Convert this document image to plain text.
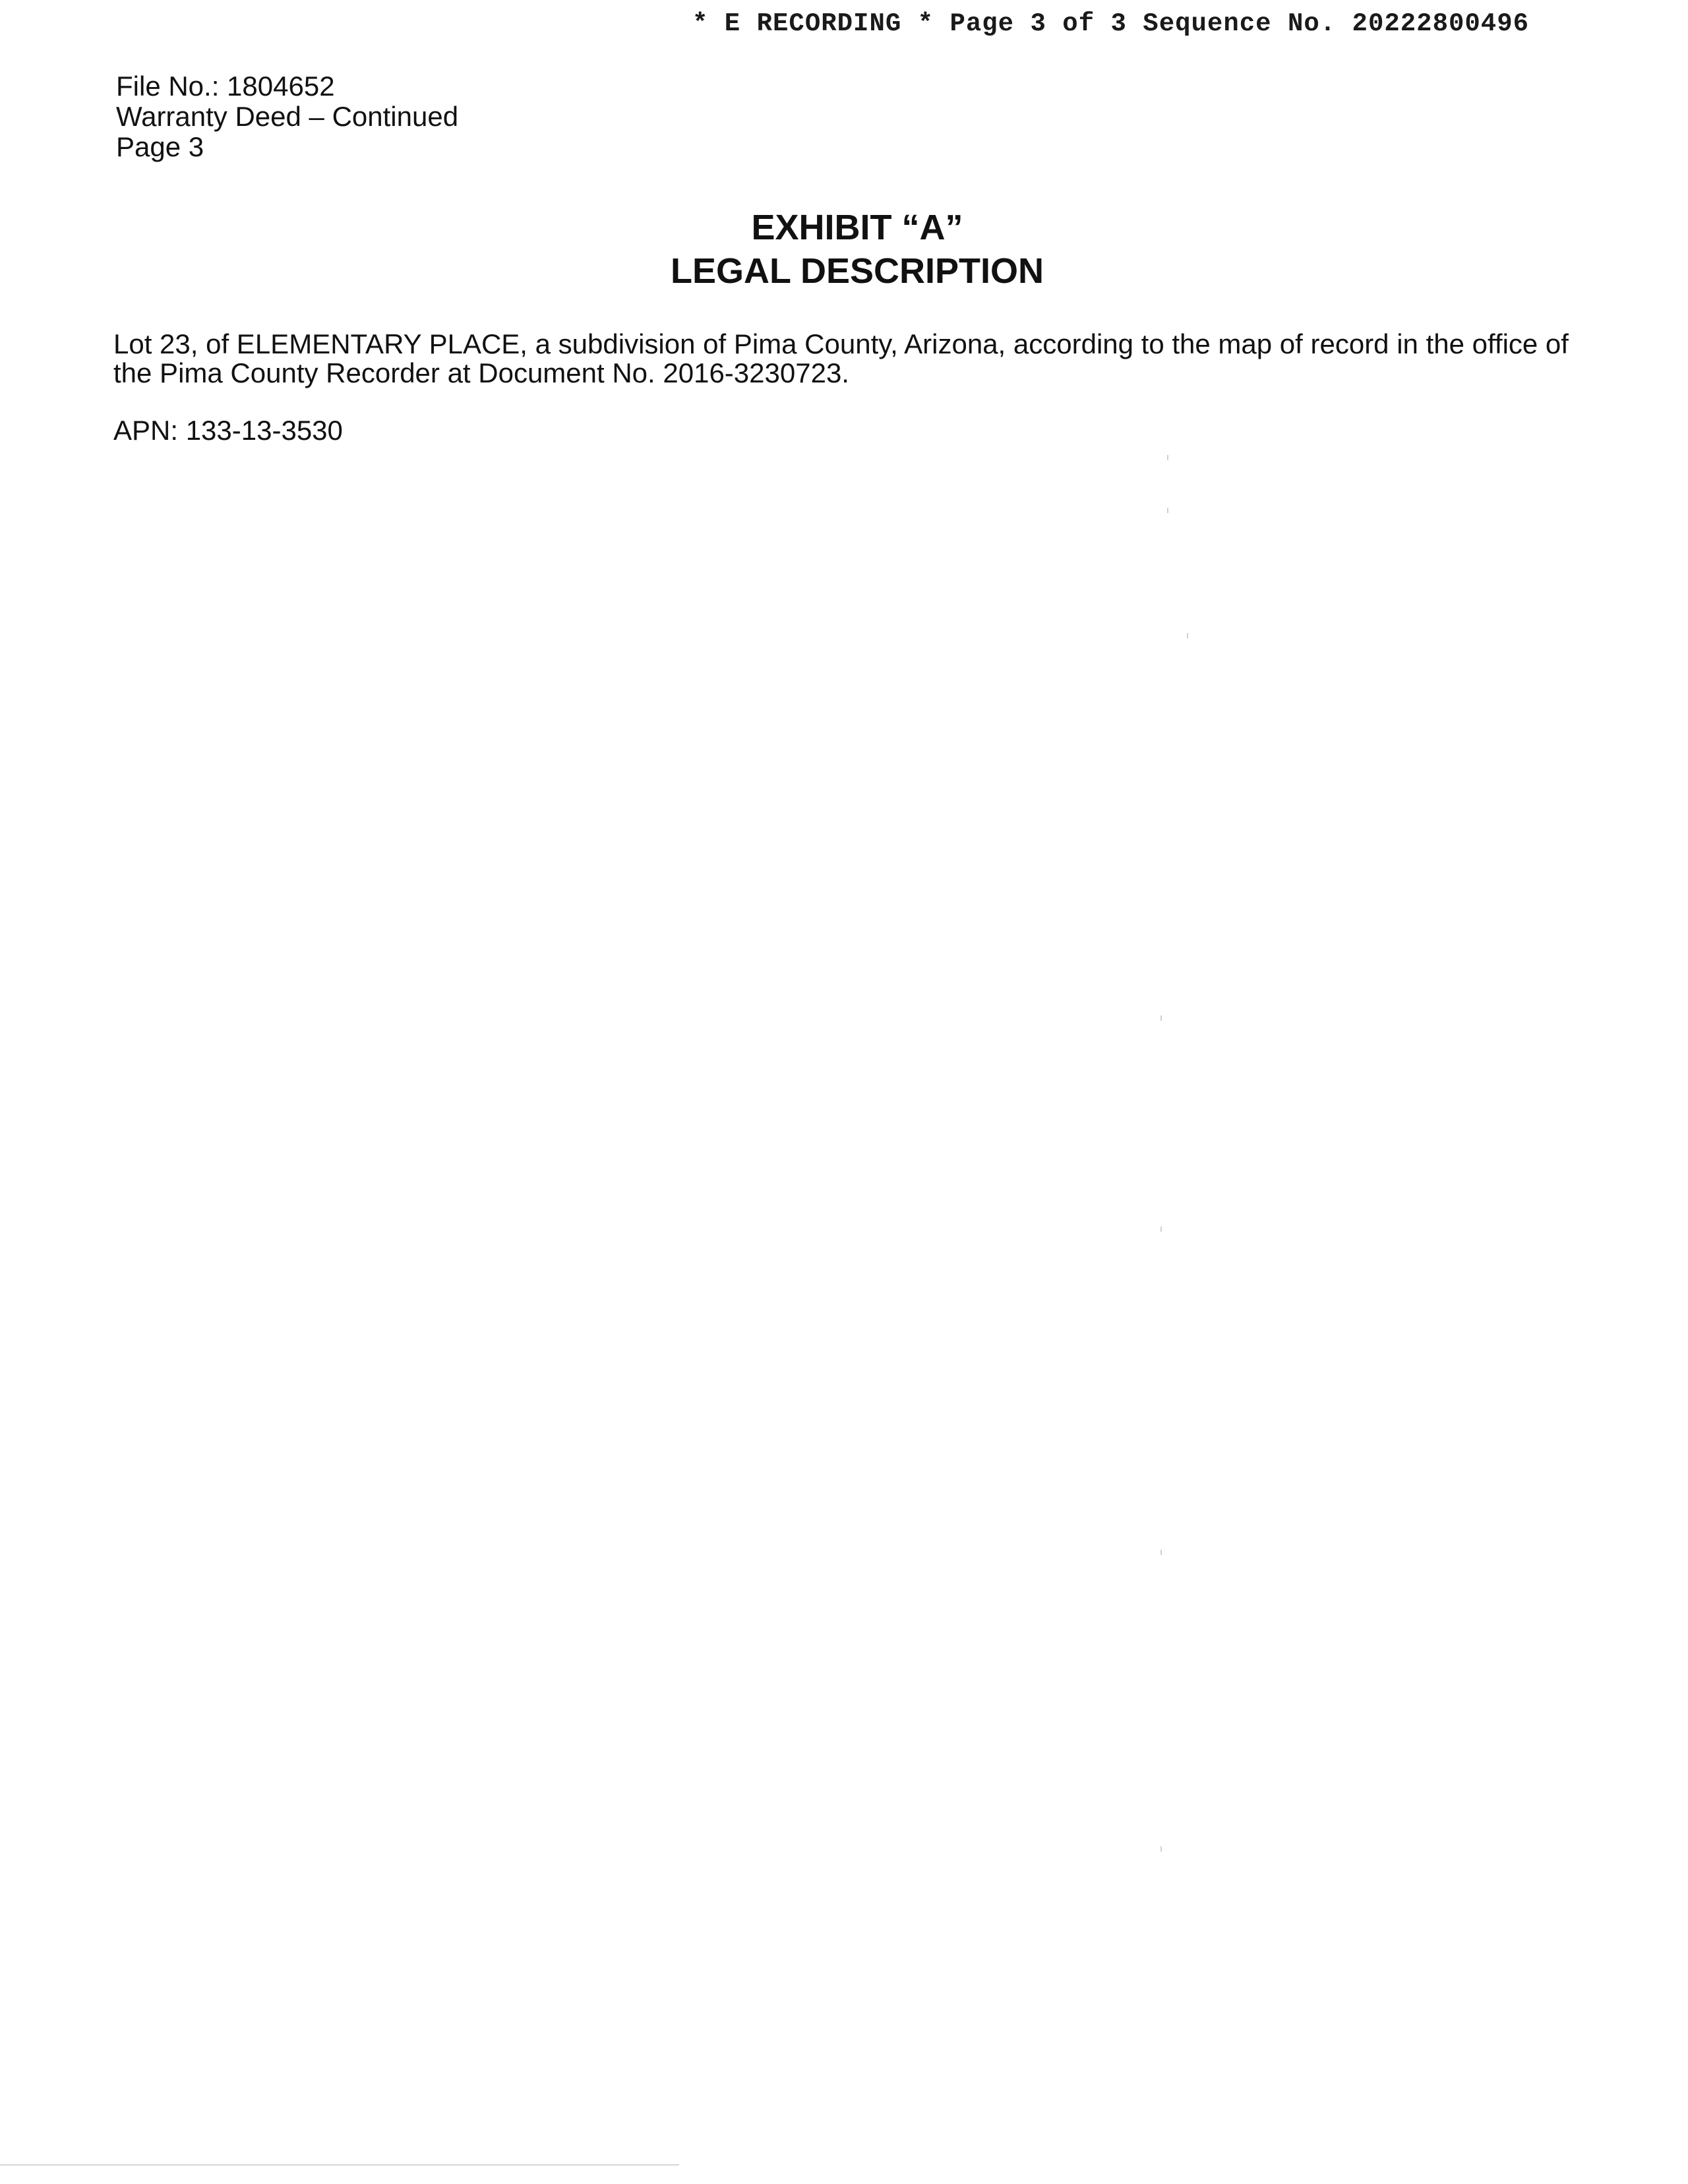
* E RECORDING * Page 3 of 3 Sequence No. 20222800496
File No.: 1804652
Warranty Deed – Continued
Page 3
EXHIBIT “A”
LEGAL DESCRIPTION
Lot 23, of ELEMENTARY PLACE, a subdivision of Pima County, Arizona, according to the map of record in the office of the Pima County Recorder at Document No. 2016-3230723.
APN: 133-13-3530
